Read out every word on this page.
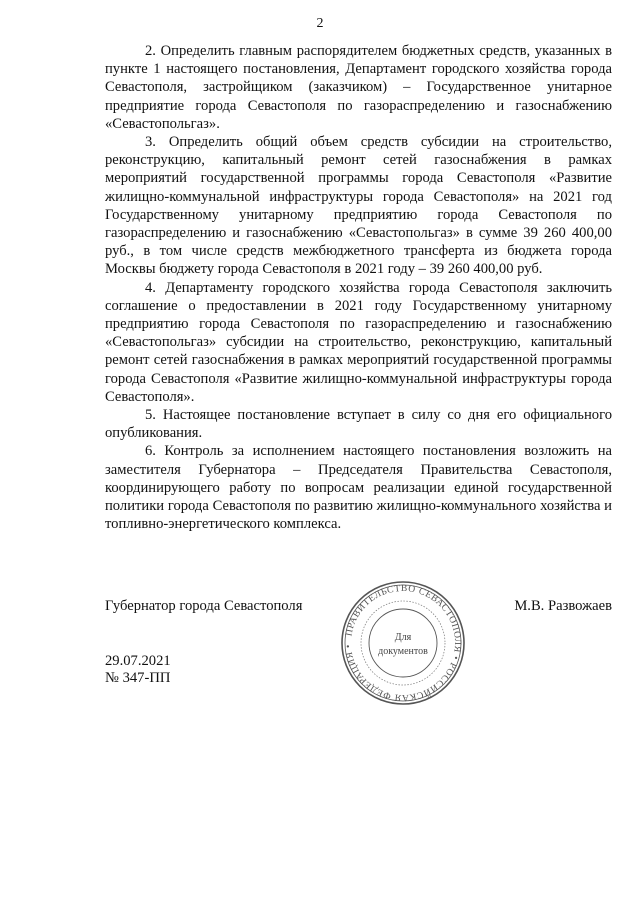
2

2. Определить главным распорядителем бюджетных средств, указанных в пункте 1 настоящего постановления, Департамент городского хозяйства города Севастополя, застройщиком (заказчиком) – Государственное унитарное предприятие города Севастополя по газораспределению и газоснабжению «Севастопольгаз».

3. Определить общий объем средств субсидии на строительство, реконструкцию, капитальный ремонт сетей газоснабжения в рамках мероприятий государственной программы города Севастополя «Развитие жилищно-коммунальной инфраструктуры города Севастополя» на 2021 год Государственному унитарному предприятию города Севастополя по газораспределению и газоснабжению «Севастопольгаз» в сумме 39 260 400,00 руб., в том числе средств межбюджетного трансферта из бюджета города Москвы бюджету города Севастополя в 2021 году – 39 260 400,00 руб.

4. Департаменту городского хозяйства города Севастополя заключить соглашение о предоставлении в 2021 году Государственному унитарному предприятию города Севастополя по газораспределению и газоснабжению «Севастопольгаз» субсидии на строительство, реконструкцию, капитальный ремонт сетей газоснабжения в рамках мероприятий государственной программы города Севастополя «Развитие жилищно-коммунальной инфраструктуры города Севастополя».

5. Настоящее постановление вступает в силу со дня его официального опубликования.

6. Контроль за исполнением настоящего постановления возложить на заместителя Губернатора – Председателя Правительства Севастополя, координирующего работу по вопросам реализации единой государственной политики города Севастополя по развитию жилищно-коммунального хозяйства и топливно-энергетического комплекса.

Губернатор города Севастополя	М.В. Развожаев
ПРАВИТЕЛЬСТВО СЕВАСТОПОЛЯ • РОССИЙСКАЯ ФЕДЕРАЦИЯ •
Для
документов
29.07.2021
№ 347-ПП
